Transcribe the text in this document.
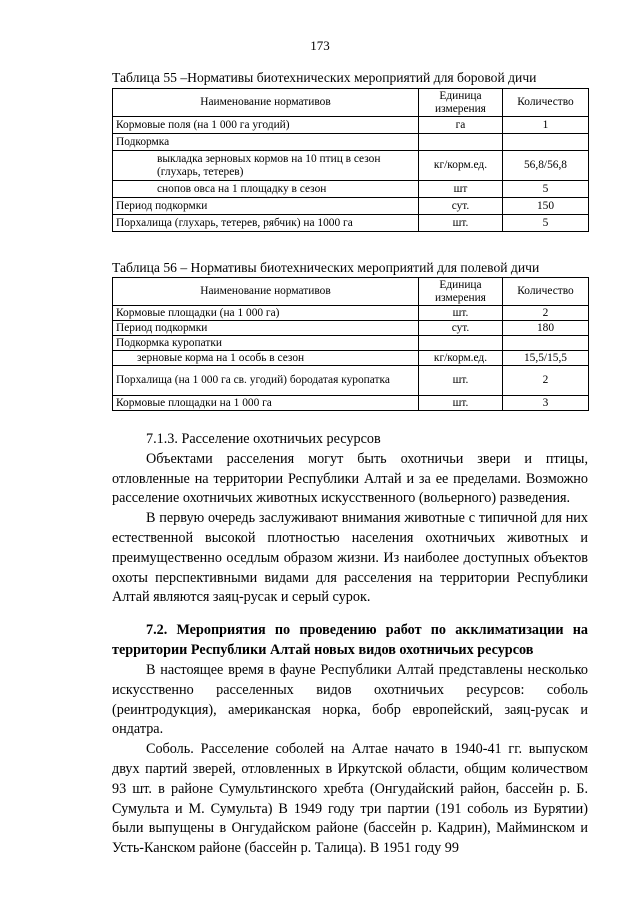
173
Таблица 55 –Нормативы биотехнических мероприятий для боровой дичи
Наименование нормативов	Единица измерения	Количество
Кормовые поля (на 1 000 га угодий)	га	1
Подкормка		
выкладка зерновых кормов на 10 птиц в сезон (глухарь, тетерев)	кг/корм.ед.	56,8/56,8
снопов овса на 1 площадку в сезон	шт	5
Период подкормки	сут.	150
Порхалища (глухарь, тетерев, рябчик) на 1000 га	шт.	5
Таблица 56 – Нормативы биотехнических мероприятий для полевой дичи
Наименование нормативов	Единица измерения	Количество
Кормовые площадки (на 1 000 га)	шт.	2
Период подкормки	сут.	180
Подкормка куропатки		
зерновые корма на 1 особь в сезон	кг/корм.ед.	15,5/15,5
Порхалища (на 1 000 га св. угодий) бородатая куропатка	шт.	2
Кормовые площадки на 1 000 га	шт.	3

7.1.3. Расселение охотничьих ресурсов

Объектами расселения могут быть охотничьи звери и птицы, отловленные на территории Республики Алтай и за ее пределами. Возможно расселение охотничьих животных искусственного (вольерного) разведения.

В первую очередь заслуживают внимания животные с типичной для них естественной высокой плотностью населения охотничьих животных и преимущественно оседлым образом жизни. Из наиболее доступных объектов охоты перспективными видами для расселения на территории Республики Алтай являются заяц-русак и серый сурок.

7.2. Мероприятия по проведению работ по акклиматизации на территории Республики Алтай новых видов охотничьих ресурсов

В настоящее время в фауне Республики Алтай представлены несколько искусственно расселенных видов охотничьих ресурсов: соболь (реинтродукция), американская норка, бобр европейский, заяц-русак и ондатра.

Соболь. Расселение соболей на Алтае начато в 1940-41 гг. выпуском двух партий зверей, отловленных в Иркутской области, общим количеством 93 шт. в районе Сумультинского хребта (Онгудайский район, бассейн р. Б. Сумульта и М. Сумульта) В 1949 году три партии (191 соболь из Бурятии) были выпущены в Онгудайском районе (бассейн р. Кадрин), Майминском и Усть-Канском районе (бассейн р. Талица). В 1951 году 99
